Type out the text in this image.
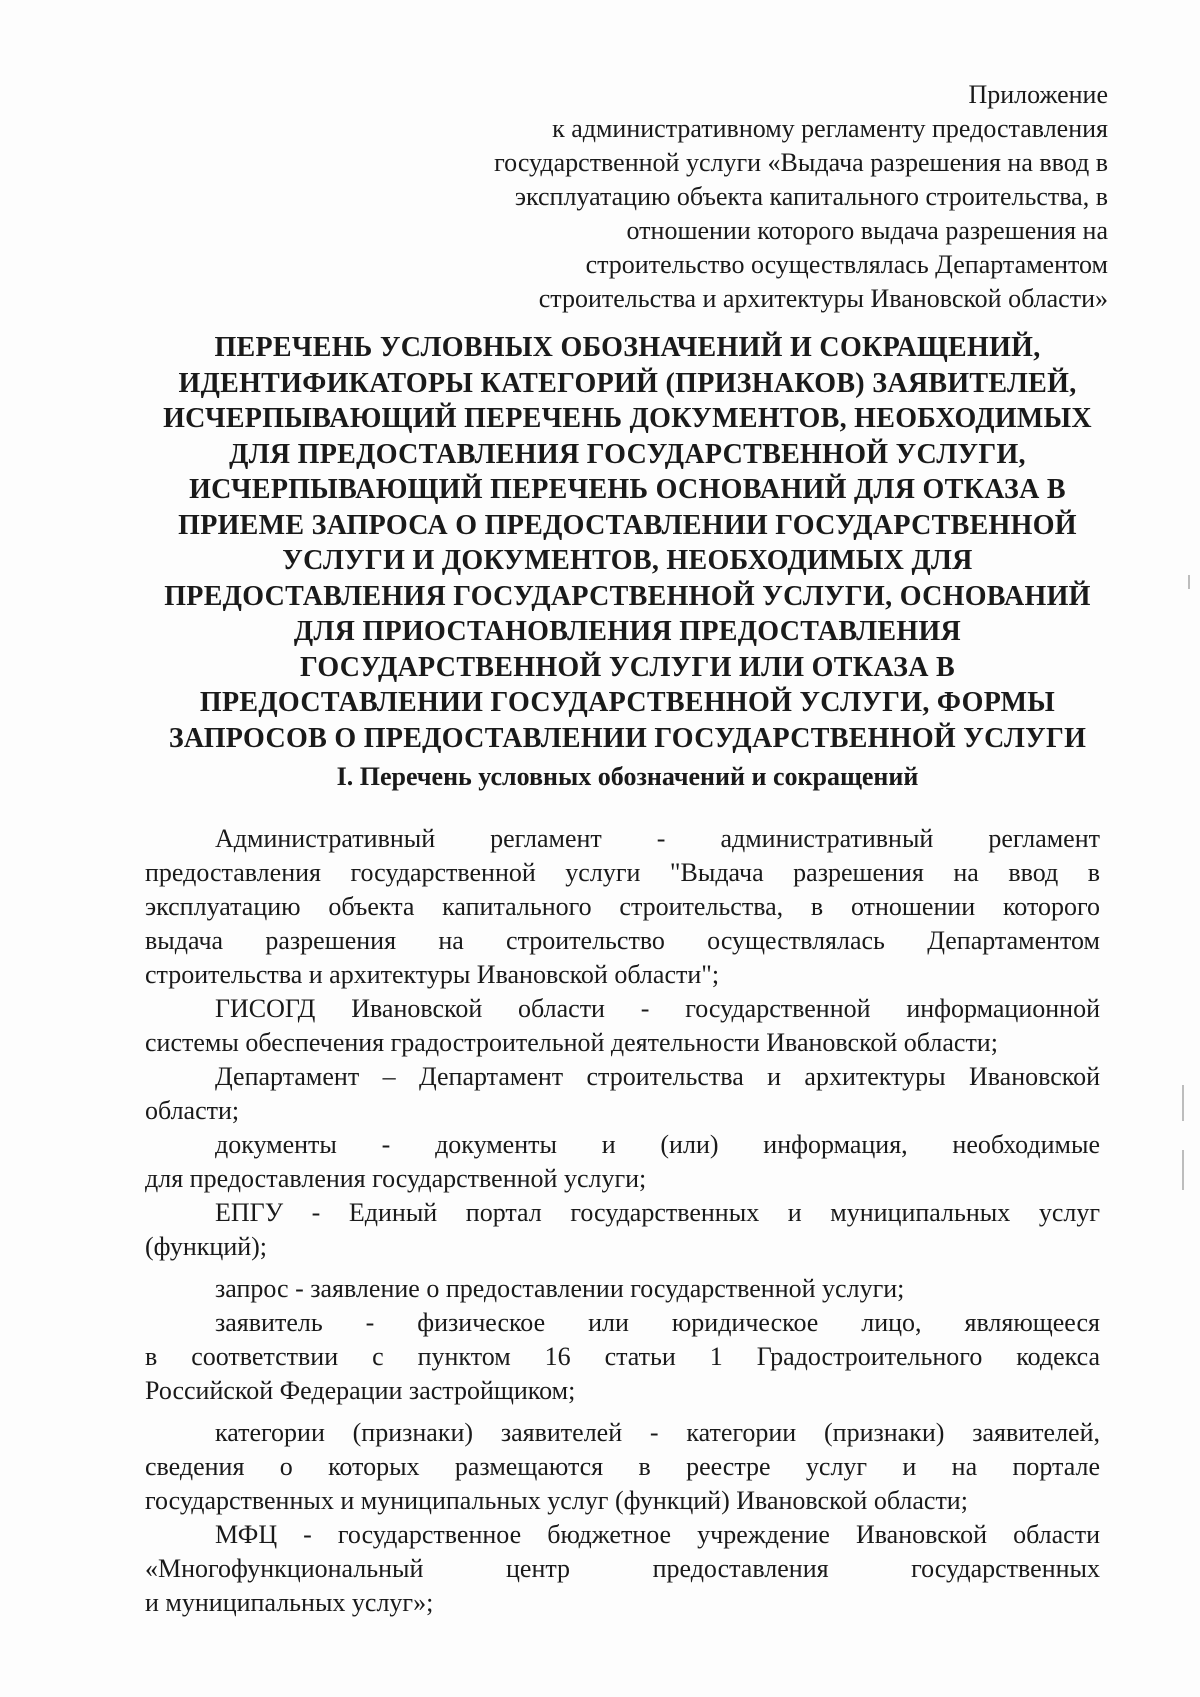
Приложение
к административному регламенту предоставления
государственной услуги «Выдача разрешения на ввод в
эксплуатацию объекта капитального строительства, в
отношении которого выдача разрешения на
строительство осуществлялась Департаментом
строительства и архитектуры Ивановской области»
ПЕРЕЧЕНЬ УСЛОВНЫХ ОБОЗНАЧЕНИЙ И СОКРАЩЕНИЙ,
ИДЕНТИФИКАТОРЫ КАТЕГОРИЙ (ПРИЗНАКОВ) ЗАЯВИТЕЛЕЙ,
ИСЧЕРПЫВАЮЩИЙ ПЕРЕЧЕНЬ ДОКУМЕНТОВ, НЕОБХОДИМЫХ
ДЛЯ ПРЕДОСТАВЛЕНИЯ ГОСУДАРСТВЕННОЙ УСЛУГИ,
ИСЧЕРПЫВАЮЩИЙ ПЕРЕЧЕНЬ ОСНОВАНИЙ ДЛЯ ОТКАЗА В
ПРИЕМЕ ЗАПРОСА О ПРЕДОСТАВЛЕНИИ ГОСУДАРСТВЕННОЙ
УСЛУГИ И ДОКУМЕНТОВ, НЕОБХОДИМЫХ ДЛЯ
ПРЕДОСТАВЛЕНИЯ ГОСУДАРСТВЕННОЙ УСЛУГИ, ОСНОВАНИЙ
ДЛЯ ПРИОСТАНОВЛЕНИЯ ПРЕДОСТАВЛЕНИЯ
ГОСУДАРСТВЕННОЙ УСЛУГИ ИЛИ ОТКАЗА В
ПРЕДОСТАВЛЕНИИ ГОСУДАРСТВЕННОЙ УСЛУГИ, ФОРМЫ
ЗАПРОСОВ О ПРЕДОСТАВЛЕНИИ ГОСУДАРСТВЕННОЙ УСЛУГИ
I. Перечень условных обозначений и сокращений
Административный регламент - административный регламент
предоставления государственной услуги "Выдача разрешения на ввод в
эксплуатацию объекта капитального строительства, в отношении которого
выдача разрешения на строительство осуществлялась Департаментом
строительства и архитектуры Ивановской области";
ГИСОГД Ивановской области - государственной информационной
системы обеспечения градостроительной деятельности Ивановской области;
Департамент – Департамент строительства и архитектуры Ивановской
области;
документы - документы и (или) информация, необходимые
для предоставления государственной услуги;
ЕПГУ - Единый портал государственных и муниципальных услуг
(функций);
запрос - заявление о предоставлении государственной услуги;
заявитель - физическое или юридическое лицо, являющееся
в соответствии с пунктом 16 статьи 1 Градостроительного кодекса
Российской Федерации застройщиком;
категории (признаки) заявителей - категории (признаки) заявителей,
сведения о которых размещаются в реестре услуг и на портале
государственных и муниципальных услуг (функций) Ивановской области;
МФЦ - государственное бюджетное учреждение Ивановской области
«Многофункциональный центр предоставления государственных
и муниципальных услуг»;
